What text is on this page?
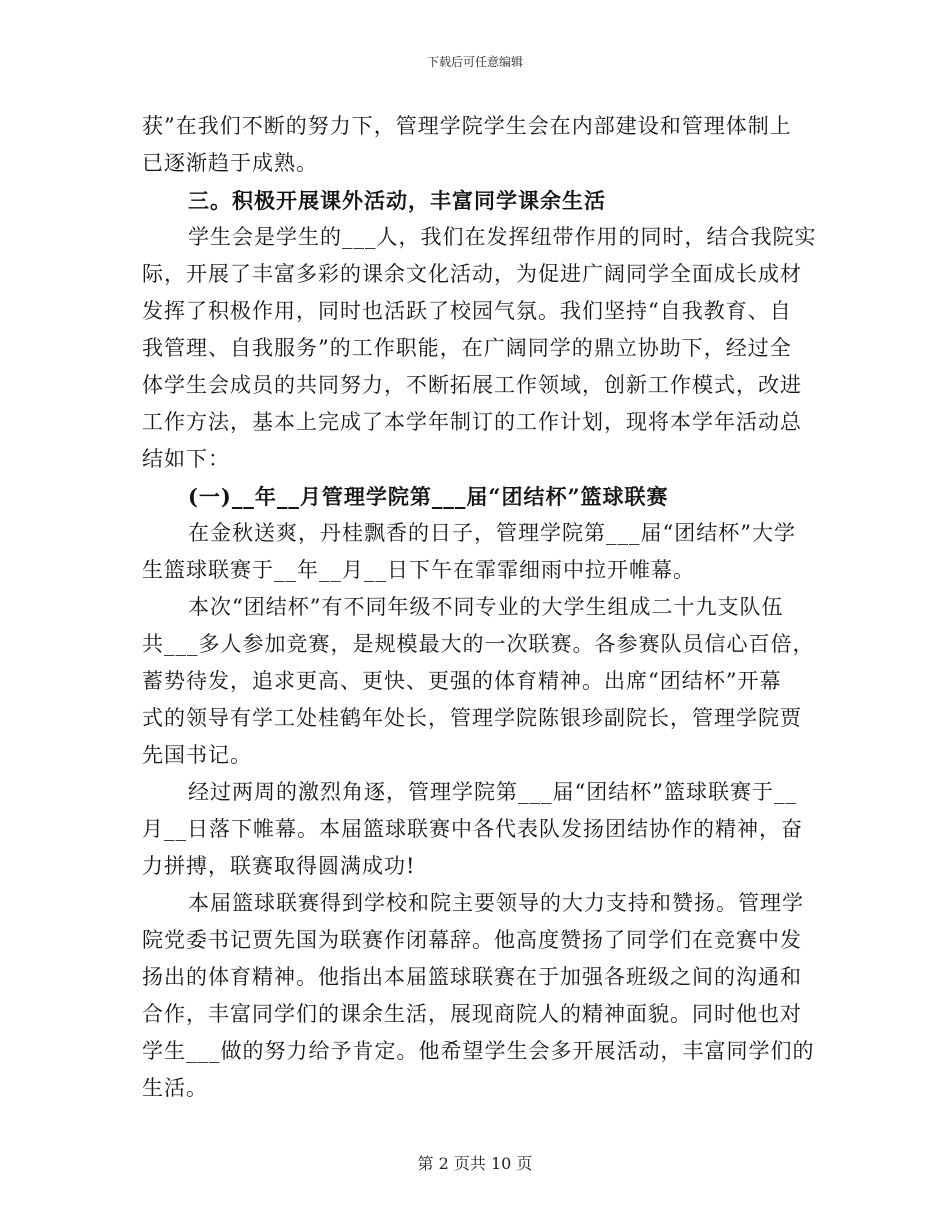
下载后可任意编辑
获”在我们不断的努力下，管理学院学生会在内部建设和管理体制上
已逐渐趋于成熟。
三。积极开展课外活动，丰富同学课余生活
学生会是学生的___人，我们在发挥纽带作用的同时，结合我院实
际，开展了丰富多彩的课余文化活动，为促进广阔同学全面成长成材
发挥了积极作用，同时也活跃了校园气氛。我们坚持“自我教育、自
我管理、自我服务”的工作职能，在广阔同学的鼎立协助下，经过全
体学生会成员的共同努力，不断拓展工作领域，创新工作模式，改进
工作方法，基本上完成了本学年制订的工作计划，现将本学年活动总
结如下：
(一)__年__月管理学院第___届“团结杯”篮球联赛
在金秋送爽，丹桂飘香的日子，管理学院第___届“团结杯”大学
生篮球联赛于__年__月__日下午在霏霏细雨中拉开帷幕。
本次“团结杯”有不同年级不同专业的大学生组成二十九支队伍
共___多人参加竞赛，是规模最大的一次联赛。各参赛队员信心百倍，
蓄势待发，追求更高、更快、更强的体育精神。出席“团结杯”开幕
式的领导有学工处桂鹤年处长，管理学院陈银珍副院长，管理学院贾
先国书记。
经过两周的激烈角逐，管理学院第___届“团结杯”篮球联赛于__
月__日落下帷幕。本届篮球联赛中各代表队发扬团结协作的精神，奋
力拼搏，联赛取得圆满成功!
本届篮球联赛得到学校和院主要领导的大力支持和赞扬。管理学
院党委书记贾先国为联赛作闭幕辞。他高度赞扬了同学们在竞赛中发
扬出的体育精神。他指出本届篮球联赛在于加强各班级之间的沟通和
合作，丰富同学们的课余生活，展现商院人的精神面貌。同时他也对
学生___做的努力给予肯定。他希望学生会多开展活动，丰富同学们的
生活。
第 2 页共 10 页
